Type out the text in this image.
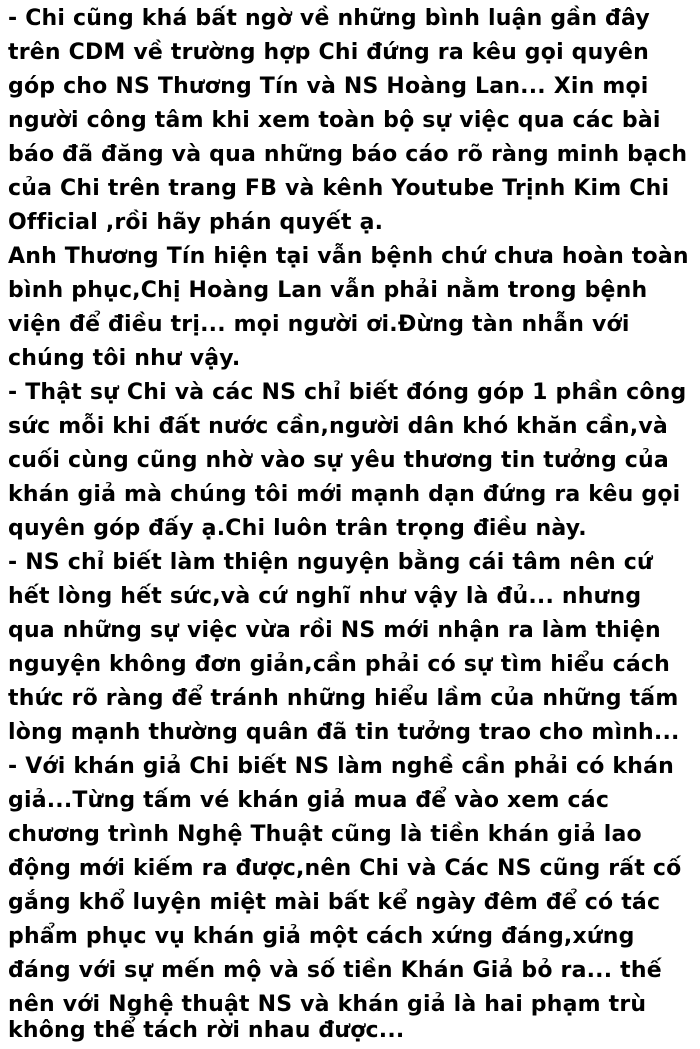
- Chi cũng khá bất ngờ về những bình luận gần đây
trên CDM về trường hợp Chi đứng ra kêu gọi quyên
góp cho NS Thương Tín và NS Hoàng Lan... Xin mọi
người công tâm khi xem toàn bộ sự việc qua các bài
báo đã đăng và qua những báo cáo rõ ràng minh bạch
của Chi trên trang FB và kênh Youtube Trịnh Kim Chi
Official ,rồi hãy phán quyết ạ.
Anh Thương Tín hiện tại vẫn bệnh chứ chưa hoàn toàn
bình phục,Chị Hoàng Lan vẫn phải nằm trong bệnh
viện để điều trị... mọi người ơi.Đừng tàn nhẫn với
chúng tôi như vậy.
- Thật sự Chi và các NS chỉ biết đóng góp 1 phần công
sức mỗi khi đất nước cần,người dân khó khăn cần,và
cuối cùng cũng nhờ vào sự yêu thương tin tưởng của
khán giả mà chúng tôi mới mạnh dạn đứng ra kêu gọi
quyên góp đấy ạ.Chi luôn trân trọng điều này.
- NS chỉ biết làm thiện nguyện bằng cái tâm nên cứ
hết lòng hết sức,và cứ nghĩ như vậy là đủ... nhưng
qua những sự việc vừa rồi NS mới nhận ra làm thiện
nguyện không đơn giản,cần phải có sự tìm hiểu cách
thức rõ ràng để tránh những hiểu lầm của những tấm
lòng mạnh thường quân đã tin tưởng trao cho mình...
- Với khán giả Chi biết NS làm nghề cần phải có khán
giả...Từng tấm vé khán giả mua để vào xem các
chương trình Nghệ Thuật cũng là tiền khán giả lao
động mới kiếm ra được,nên Chi và Các NS cũng rất cố
gắng khổ luyện miệt mài bất kể ngày đêm để có tác
phẩm phục vụ khán giả một cách xứng đáng,xứng
đáng với sự mến mộ và số tiền Khán Giả bỏ ra... thế
nên với Nghệ thuật NS và khán giả là hai phạm trù
không thể tách rời nhau được...
